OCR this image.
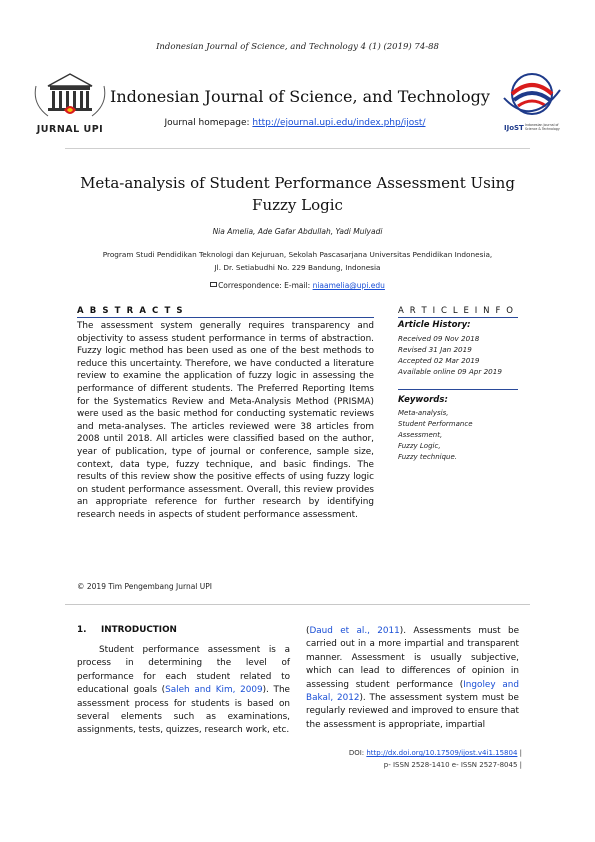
Indonesian Journal of Science, and Technology 4 (1) (2019) 74-88
JURNAL UPI
Indonesian Journal of Science, and Technology
Journal homepage: http://ejournal.upi.edu/index.php/ijost/	IJoST Indonesian Journal of Science & Technology
Meta-analysis of Student Performance Assessment Using Fuzzy Logic
Nia Amelia, Ade Gafar Abdullah, Yadi Mulyadi
Program Studi Pendidikan Teknologi dan Kejuruan, Sekolah Pascasarjana Universitas Pendidikan Indonesia,
Jl. Dr. Setiabudhi No. 229 Bandung, Indonesia
Correspondence: E-mail: niaamelia@upi.edu
A B S T R A C T S	A R T I C L E I N F O
The assessment system generally requires transparency and objectivity to assess student performance in terms of abstraction. Fuzzy logic method has been used as one of the best methods to reduce this uncertainty. Therefore, we have conducted a literature review to examine the application of fuzzy logic in assessing the performance of different students. The Preferred Reporting Items for the Systematics Review and Meta-Analysis Method (PRISMA) were used as the basic method for conducting systematic reviews and meta-analyses. The articles reviewed were 38 articles from 2008 until 2018. All articles were classified based on the author, year of publication, type of journal or conference, sample size, context, data type, fuzzy technique, and basic findings. The results of this review show the positive effects of using fuzzy logic on student performance assessment. Overall, this review provides an appropriate reference for further research by identifying research needs in aspects of student performance assessment.
© 2019 Tim Pengembang Jurnal UPI
Article History:
Received 09 Nov 2018
Revised 31 Jan 2019
Accepted 02 Mar 2019
Available online 09 Apr 2019
Keywords:
Meta-analysis,
Student Performance
Assessment,
Fuzzy Logic,
Fuzzy technique.
1. INTRODUCTION
Student performance assessment is a process in determining the level of performance for each student related to educational goals (Saleh and Kim, 2009). The assessment process for students is based on several elements such as examinations, assignments, tests, quizzes, research work, etc.
(Daud et al., 2011). Assessments must be carried out in a more impartial and transparent manner. Assessment is usually subjective, which can lead to differences of opinion in assessing student performance (Ingoley and Bakal, 2012). The assessment system must be regularly reviewed and improved to ensure that the assessment is appropriate, impartial
DOI: http://dx.doi.org/10.17509/ijost.v4i1.15804 |
p- ISSN 2528-1410 e- ISSN 2527-8045 |
